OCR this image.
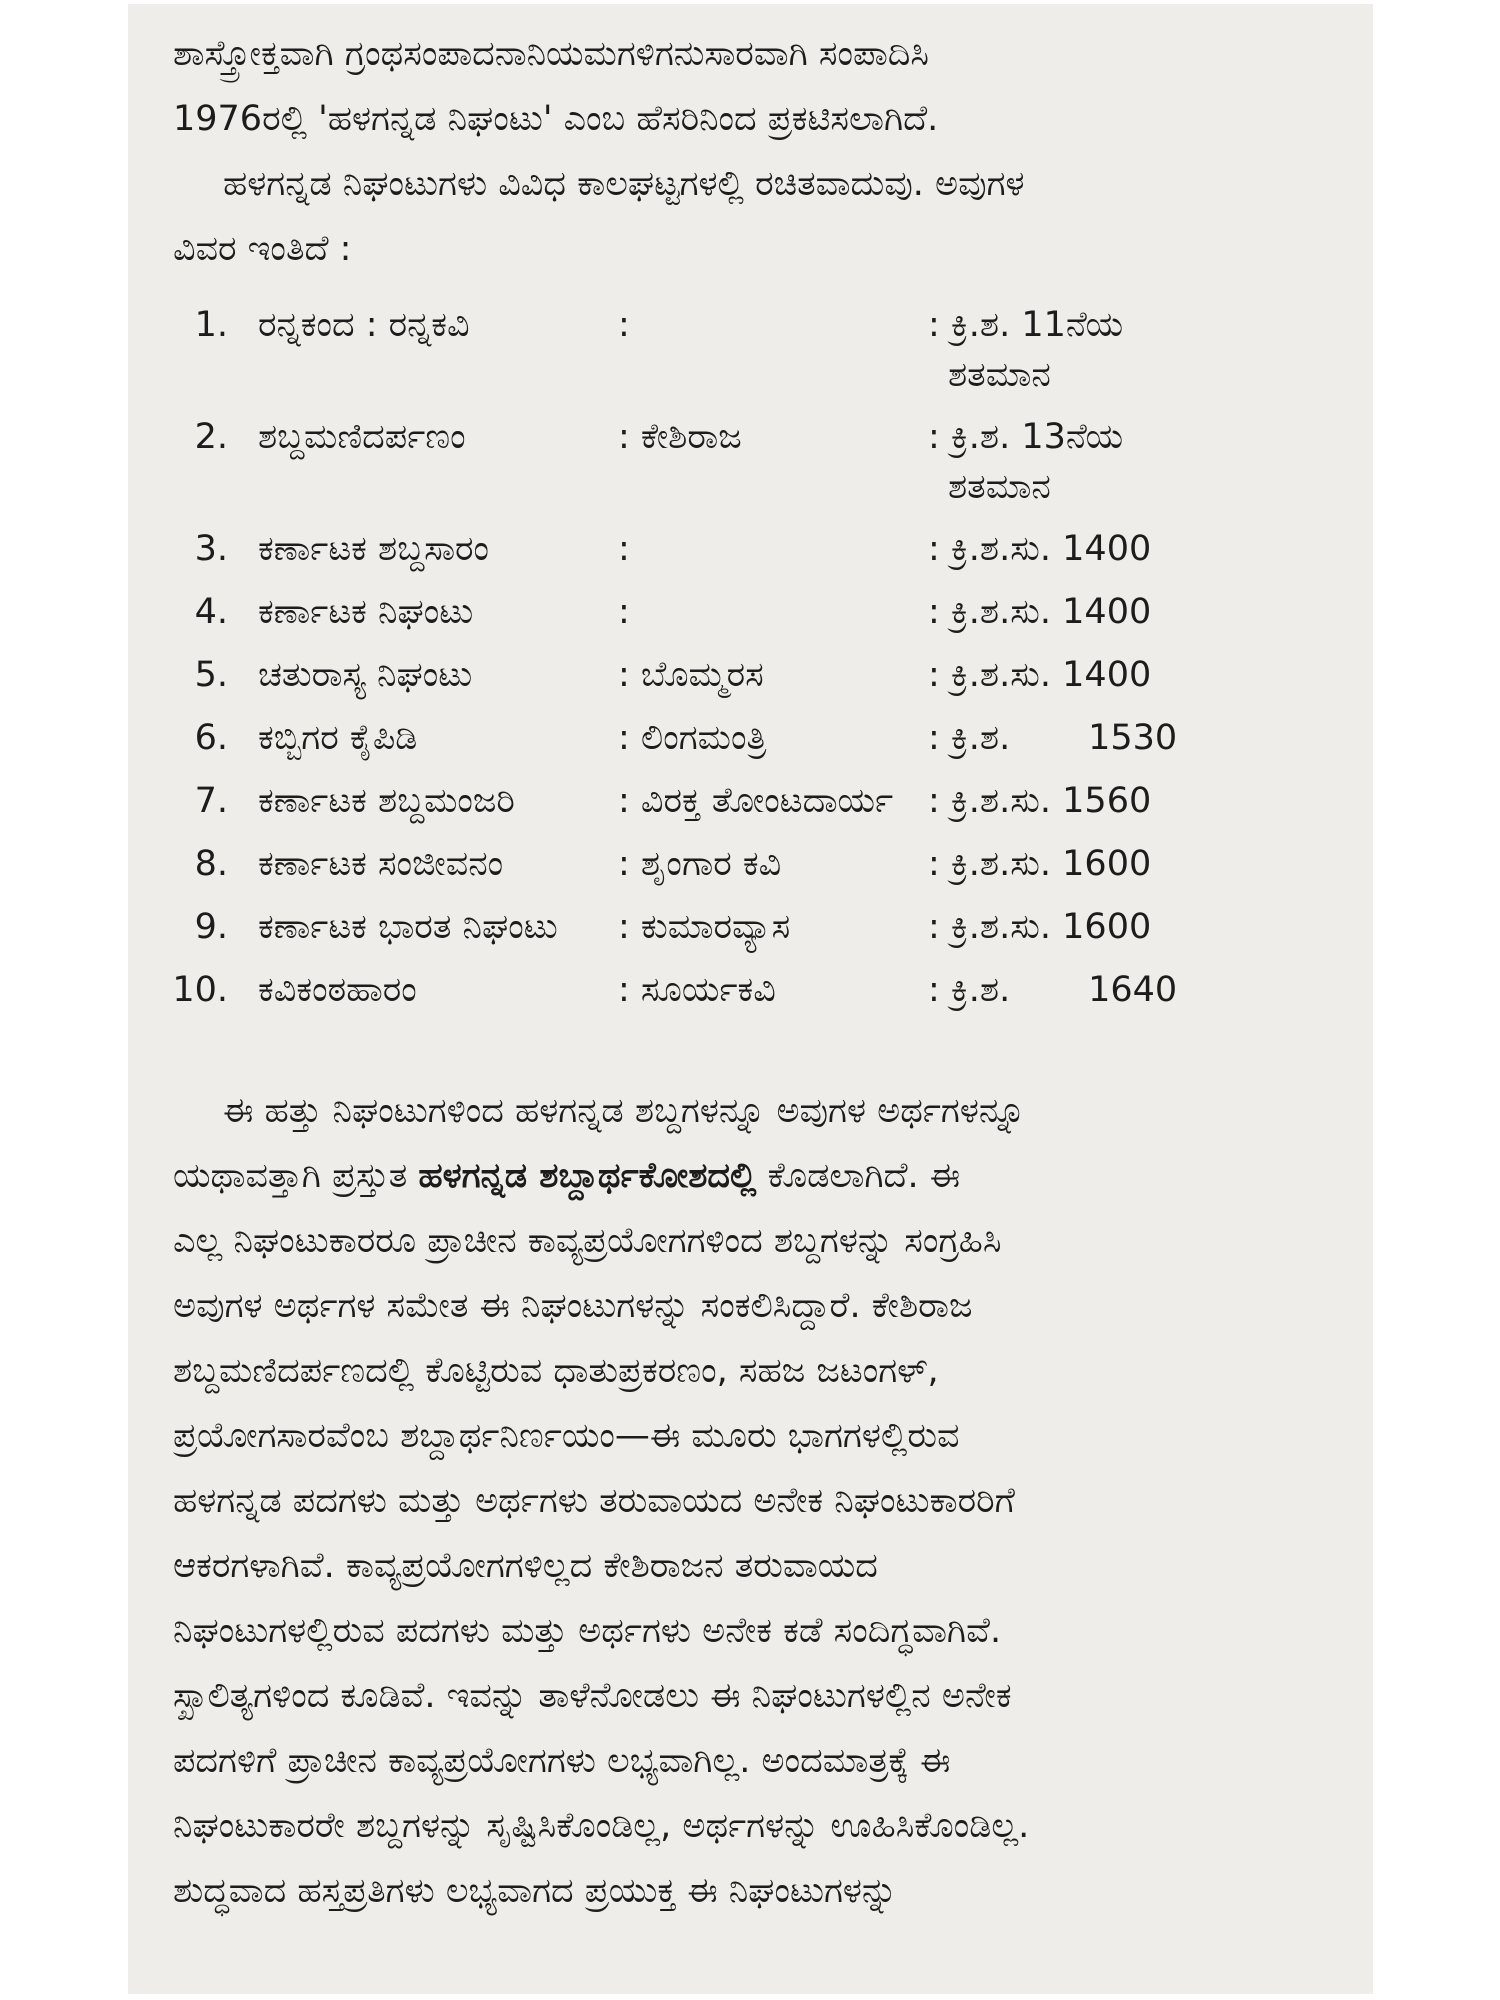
ಶಾಸ್ತ್ರೋಕ್ತವಾಗಿ ಗ್ರಂಥಸಂಪಾದನಾನಿಯಮಗಳಿಗನುಸಾರವಾಗಿ ಸಂಪಾದಿಸಿ
1976ರಲ್ಲಿ 'ಹಳಗನ್ನಡ ನಿಘಂಟು' ಎಂಬ ಹೆಸರಿನಿಂದ ಪ್ರಕಟಿಸಲಾಗಿದೆ.
ಹಳಗನ್ನಡ ನಿಘಂಟುಗಳು ವಿವಿಧ ಕಾಲಘಟ್ಟಗಳಲ್ಲಿ ರಚಿತವಾದುವು. ಅವುಗಳ
ವಿವರ ಇಂತಿದೆ :

1. ರನ್ನಕಂದ : ರನ್ನಕವಿ	:	: ಕ್ರಿ.ಶ. 11ನೆಯ
ಶತಮಾನ
2. ಶಬ್ದಮಣಿದರ್ಪಣಂ	: ಕೇಶಿರಾಜ	: ಕ್ರಿ.ಶ. 13ನೆಯ
ಶತಮಾನ
3. ಕರ್ಣಾಟಕ ಶಬ್ದಸಾರಂ	:	: ಕ್ರಿ.ಶ.ಸು. 1400
4. ಕರ್ಣಾಟಕ ನಿಘಂಟು	:	: ಕ್ರಿ.ಶ.ಸು. 1400
5. ಚತುರಾಸ್ಯ ನಿಘಂಟು	: ಬೊಮ್ಮರಸ	: ಕ್ರಿ.ಶ.ಸು. 1400
6. ಕಬ್ಬಿಗರ ಕೈಪಿಡಿ	: ಲಿಂಗಮಂತ್ರಿ	: ಕ್ರಿ.ಶ.       1530
7. ಕರ್ಣಾಟಕ ಶಬ್ದಮಂಜರಿ	: ವಿರಕ್ತ ತೋಂಟದಾರ್ಯ : ಕ್ರಿ.ಶ.ಸು. 1560
8. ಕರ್ಣಾಟಕ ಸಂಜೀವನಂ	: ಶೃಂಗಾರ ಕವಿ	: ಕ್ರಿ.ಶ.ಸು. 1600
9. ಕರ್ಣಾಟಕ ಭಾರತ ನಿಘಂಟು : ಕುಮಾರವ್ಯಾಸ	: ಕ್ರಿ.ಶ.ಸು. 1600
10. ಕವಿಕಂಠಹಾರಂ	: ಸೂರ್ಯಕವಿ	: ಕ್ರಿ.ಶ.       1640

ಈ ಹತ್ತು ನಿಘಂಟುಗಳಿಂದ ಹಳಗನ್ನಡ ಶಬ್ದಗಳನ್ನೂ ಅವುಗಳ ಅರ್ಥಗಳನ್ನೂ
ಯಥಾವತ್ತಾಗಿ ಪ್ರಸ್ತುತ ಹಳಗನ್ನಡ ಶಬ್ದಾರ್ಥಕೋಶದಲ್ಲಿ ಕೊಡಲಾಗಿದೆ. ಈ
ಎಲ್ಲ ನಿಘಂಟುಕಾರರೂ ಪ್ರಾಚೀನ ಕಾವ್ಯಪ್ರಯೋಗಗಳಿಂದ ಶಬ್ದಗಳನ್ನು ಸಂಗ್ರಹಿಸಿ
ಅವುಗಳ ಅರ್ಥಗಳ ಸಮೇತ ಈ ನಿಘಂಟುಗಳನ್ನು ಸಂಕಲಿಸಿದ್ದಾರೆ. ಕೇಶಿರಾಜ
ಶಬ್ದಮಣಿದರ್ಪಣದಲ್ಲಿ ಕೊಟ್ಟಿರುವ ಧಾತುಪ್ರಕರಣಂ, ಸಹಜ ಜಟಂಗಳ್,
ಪ್ರಯೋಗಸಾರವೆಂಬ ಶಬ್ದಾರ್ಥನಿರ್ಣಯಂ—ಈ ಮೂರು ಭಾಗಗಳಲ್ಲಿರುವ
ಹಳಗನ್ನಡ ಪದಗಳು ಮತ್ತು ಅರ್ಥಗಳು ತರುವಾಯದ ಅನೇಕ ನಿಘಂಟುಕಾರರಿಗೆ
ಆಕರಗಳಾಗಿವೆ. ಕಾವ್ಯಪ್ರಯೋಗಗಳಿಲ್ಲದ ಕೇಶಿರಾಜನ ತರುವಾಯದ
ನಿಘಂಟುಗಳಲ್ಲಿರುವ ಪದಗಳು ಮತ್ತು ಅರ್ಥಗಳು ಅನೇಕ ಕಡೆ ಸಂದಿಗ್ಧವಾಗಿವೆ.
ಸ್ಖಾಲಿತ್ಯಗಳಿಂದ ಕೂಡಿವೆ. ಇವನ್ನು ತಾಳೆನೋಡಲು ಈ ನಿಘಂಟುಗಳಲ್ಲಿನ ಅನೇಕ
ಪದಗಳಿಗೆ ಪ್ರಾಚೀನ ಕಾವ್ಯಪ್ರಯೋಗಗಳು ಲಭ್ಯವಾಗಿಲ್ಲ. ಅಂದಮಾತ್ರಕ್ಕೆ ಈ
ನಿಘಂಟುಕಾರರೇ ಶಬ್ದಗಳನ್ನು ಸೃಷ್ಟಿಸಿಕೊಂಡಿಲ್ಲ, ಅರ್ಥಗಳನ್ನು ಊಹಿಸಿಕೊಂಡಿಲ್ಲ.
ಶುದ್ಧವಾದ ಹಸ್ತಪ್ರತಿಗಳು ಲಭ್ಯವಾಗದ ಪ್ರಯುಕ್ತ ಈ ನಿಘಂಟುಗಳನ್ನು
